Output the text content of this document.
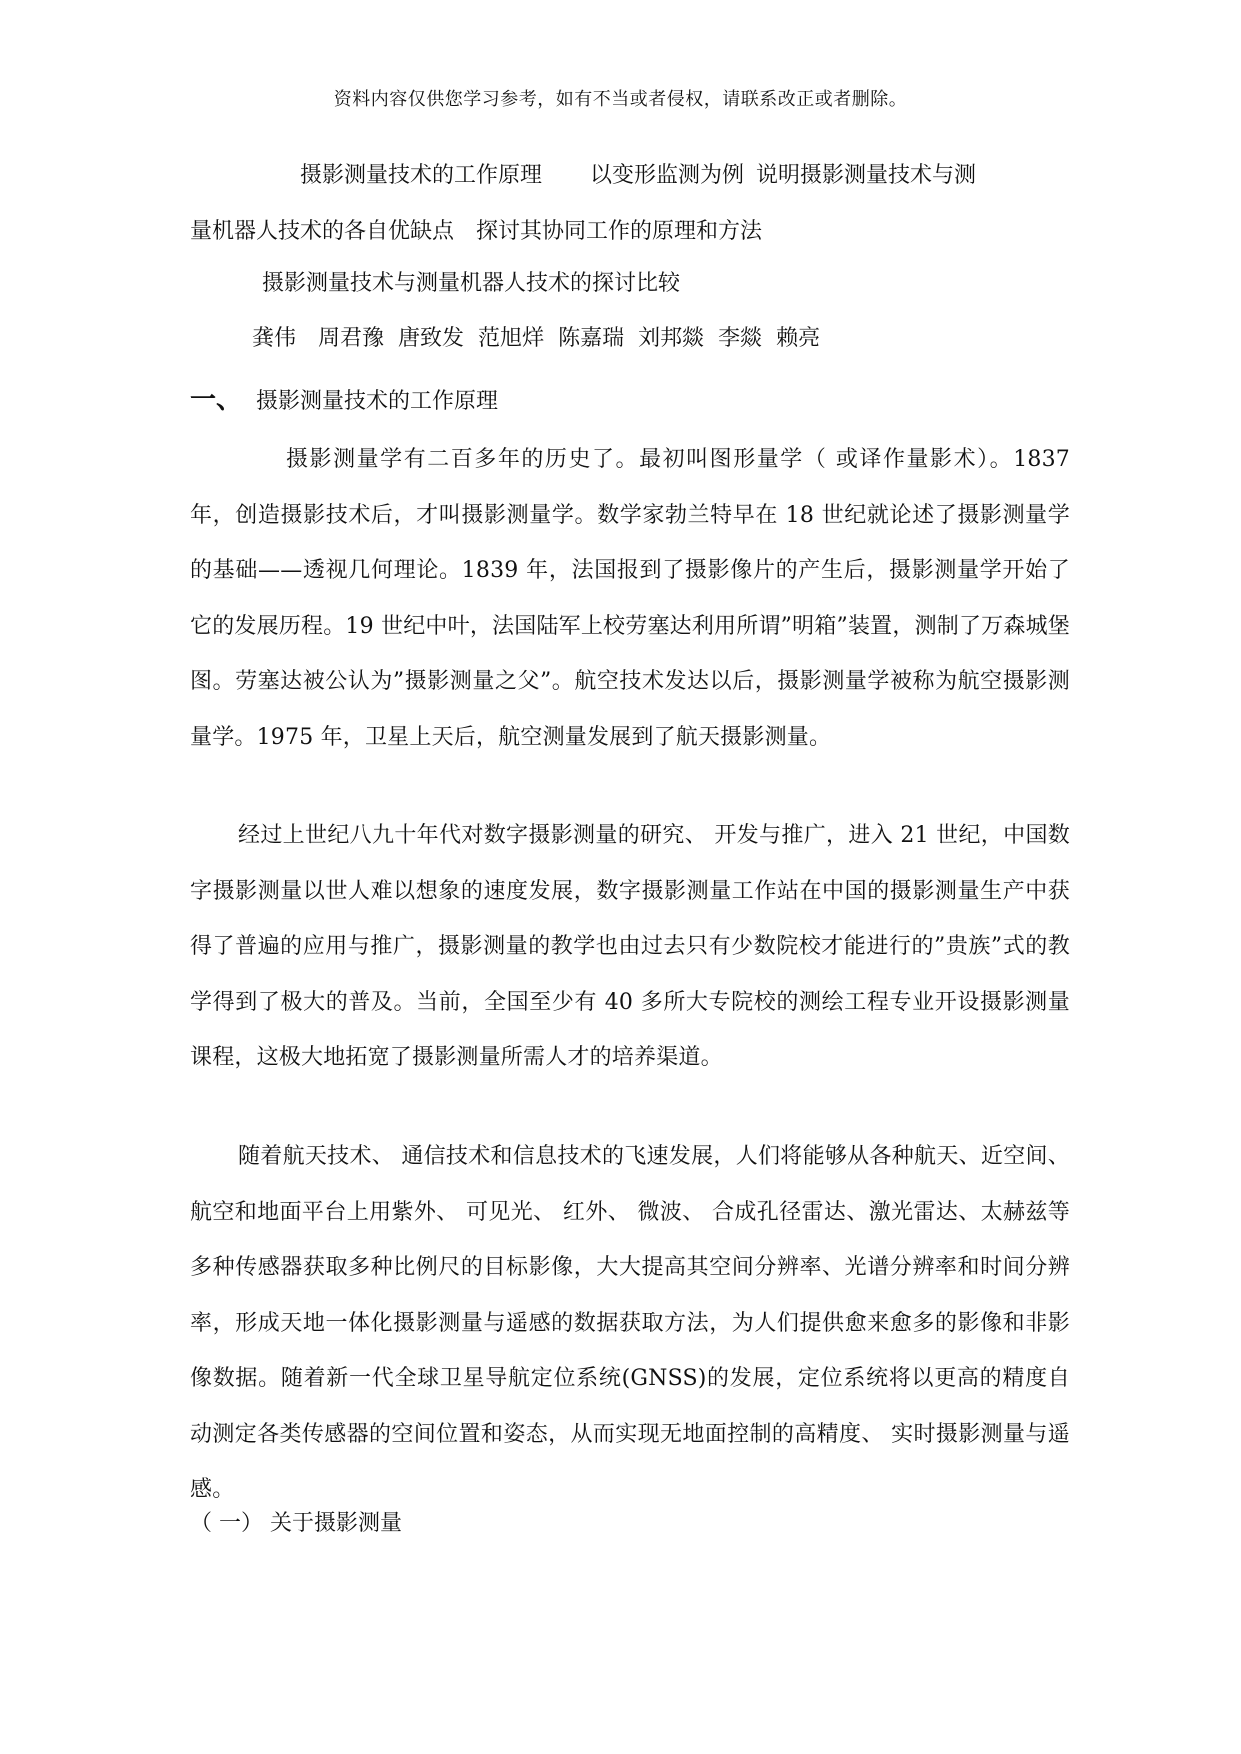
资料内容仅供您学习参考，如有不当或者侵权，请联系改正或者删除。
摄影测量技术的工作原理 以变形监测为例 说明摄影测量技术与测
量机器人技术的各自优缺点 探讨其协同工作的原理和方法
摄影测量技术与测量机器人技术的探讨比较
龚伟 周君豫 唐致发 范旭烊 陈嘉瑞 刘邦燚 李燚 赖亮
一、 摄影测量技术的工作原理

摄影测量学有二百多年的历史了。最初叫图形量学（ 或译作量影术）。1837 年，创造摄影技术后，才叫摄影测量学。数学家勃兰特早在 18 世纪就论述了摄影测量学的基础——透视几何理论。1839 年，法国报到了摄影像片的产生后，摄影测量学开始了它的发展历程。19 世纪中叶，法国陆军上校劳塞达利用所谓”明箱”装置，测制了万森城堡图。劳塞达被公认为”摄影测量之父”。航空技术发达以后，摄影测量学被称为航空摄影测量学。1975 年，卫星上天后，航空测量发展到了航天摄影测量。

经过上世纪八九十年代对数字摄影测量的研究、 开发与推广，进入 21 世纪，中国数字摄影测量以世人难以想象的速度发展，数字摄影测量工作站在中国的摄影测量生产中获得了普遍的应用与推广，摄影测量的教学也由过去只有少数院校才能进行的”贵族”式的教学得到了极大的普及。当前，全国至少有 40 多所大专院校的测绘工程专业开设摄影测量课程，这极大地拓宽了摄影测量所需人才的培养渠道。

随着航天技术、 通信技术和信息技术的飞速发展，人们将能够从各种航天、近空间、 航空和地面平台上用紫外、 可见光、 红外、 微波、 合成孔径雷达、激光雷达、太赫兹等多种传感器获取多种比例尺的目标影像，大大提高其空间分辨率、光谱分辨率和时间分辨率，形成天地一体化摄影测量与遥感的数据获取方法，为人们提供愈来愈多的影像和非影像数据。随着新一代全球卫星导航定位系统(GNSS)的发展，定位系统将以更高的精度自动测定各类传感器的空间位置和姿态，从而实现无地面控制的高精度、 实时摄影测量与遥感。

（ 一） 关于摄影测量
